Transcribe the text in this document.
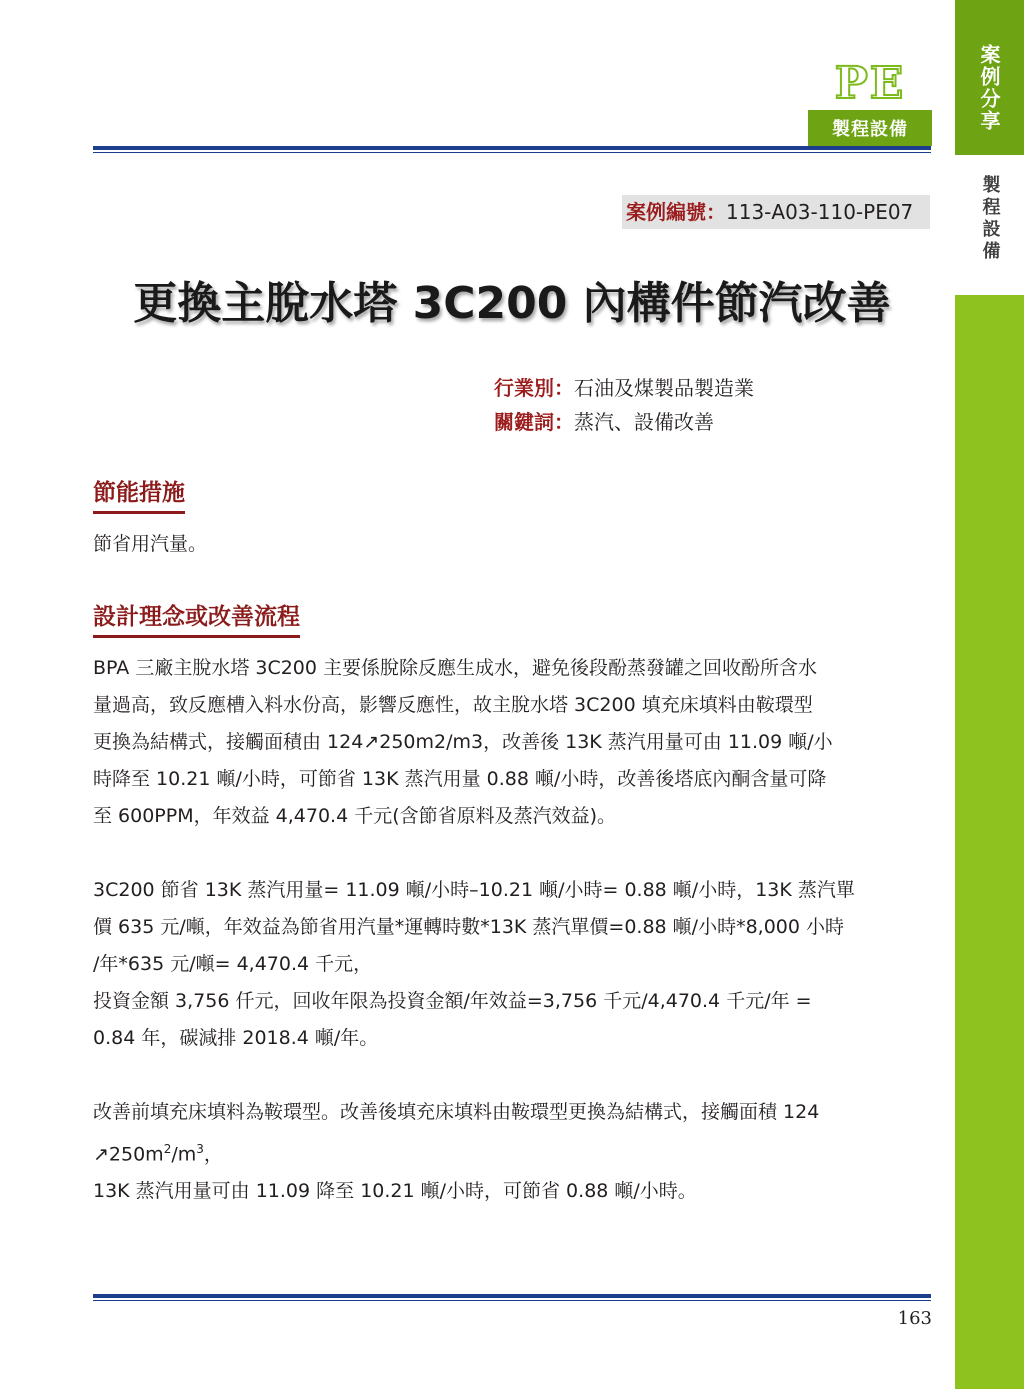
案例分享
製程設備
PE
製程設備
案例編號：113-A03-110-PE07
更換主脫水塔 3C200 內構件節汽改善
行業別：石油及煤製品製造業
關鍵詞：蒸汽、設備改善
節能措施

節省用汽量。

設計理念或改善流程

BPA 三廠主脫水塔 3C200 主要係脫除反應生成水，避免後段酚蒸發罐之回收酚所含水
量過高，致反應槽入料水份高，影響反應性，故主脫水塔 3C200 填充床填料由鞍環型
更換為結構式，接觸面積由 124↗250m2/m3，改善後 13K 蒸汽用量可由 11.09 噸/小
時降至 10.21 噸/小時，可節省 13K 蒸汽用量 0.88 噸/小時，改善後塔底內酮含量可降
至 600PPM，年效益 4,470.4 千元(含節省原料及蒸汽效益)。

3C200 節省 13K 蒸汽用量= 11.09 噸/小時–10.21 噸/小時= 0.88 噸/小時，13K 蒸汽單
價 635 元/噸，年效益為節省用汽量*運轉時數*13K 蒸汽單價=0.88 噸/小時*8,000 小時
/年*635 元/噸= 4,470.4 千元，
投資金額 3,756 仟元，回收年限為投資金額/年效益=3,756 千元/4,470.4 千元/年 =
0.84 年，碳減排 2018.4 噸/年。

改善前填充床填料為鞍環型。改善後填充床填料由鞍環型更換為結構式，接觸面積 124
$↗250m^2/m^3$，
13K 蒸汽用量可由 11.09 降至 10.21 噸/小時，可節省 0.88 噸/小時。

163
